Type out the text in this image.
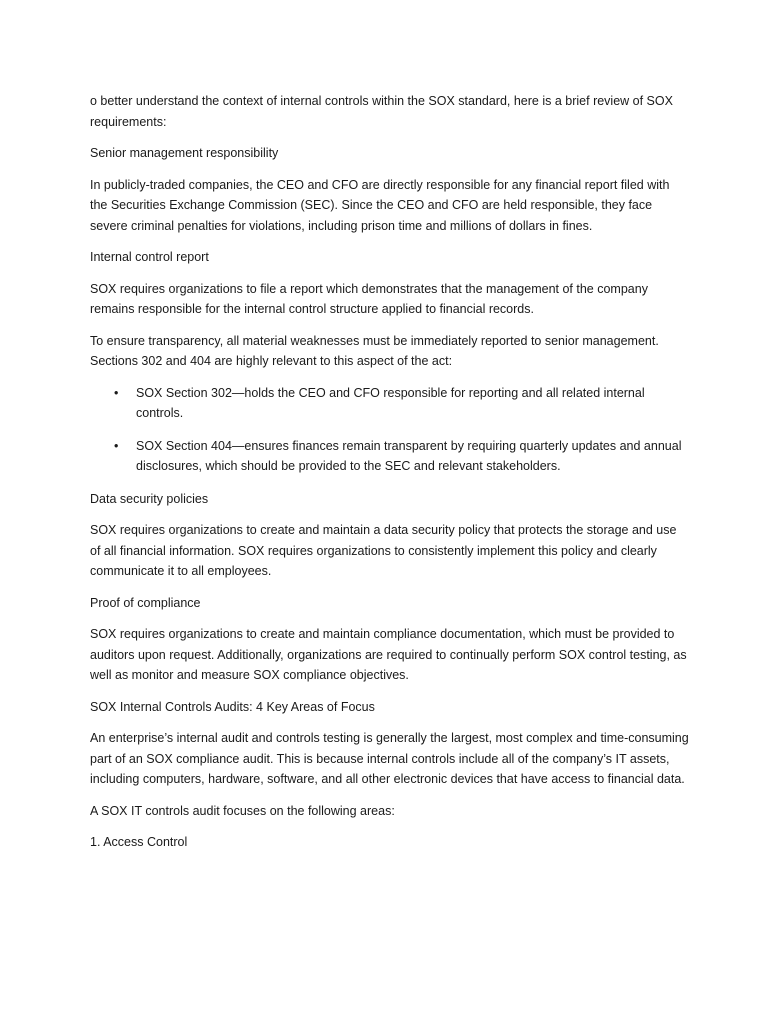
o better understand the context of internal controls within the SOX standard, here is a brief review of SOX requirements:

Senior management responsibility

In publicly-traded companies, the CEO and CFO are directly responsible for any financial report filed with the Securities Exchange Commission (SEC). Since the CEO and CFO are held responsible, they face severe criminal penalties for violations, including prison time and millions of dollars in fines.

Internal control report

SOX requires organizations to file a report which demonstrates that the management of the company remains responsible for the internal control structure applied to financial records.

To ensure transparency, all material weaknesses must be immediately reported to senior management. Sections 302 and 404 are highly relevant to this aspect of the act:

• SOX Section 302—holds the CEO and CFO responsible for reporting and all related internal controls.
• SOX Section 404—ensures finances remain transparent by requiring quarterly updates and annual disclosures, which should be provided to the SEC and relevant stakeholders.

Data security policies

SOX requires organizations to create and maintain a data security policy that protects the storage and use of all financial information. SOX requires organizations to consistently implement this policy and clearly communicate it to all employees.

Proof of compliance

SOX requires organizations to create and maintain compliance documentation, which must be provided to auditors upon request. Additionally, organizations are required to continually perform SOX control testing, as well as monitor and measure SOX compliance objectives.

SOX Internal Controls Audits: 4 Key Areas of Focus

An enterprise’s internal audit and controls testing is generally the largest, most complex and time-consuming part of an SOX compliance audit. This is because internal controls include all of the company’s IT assets, including computers, hardware, software, and all other electronic devices that have access to financial data.

A SOX IT controls audit focuses on the following areas:

1. Access Control
